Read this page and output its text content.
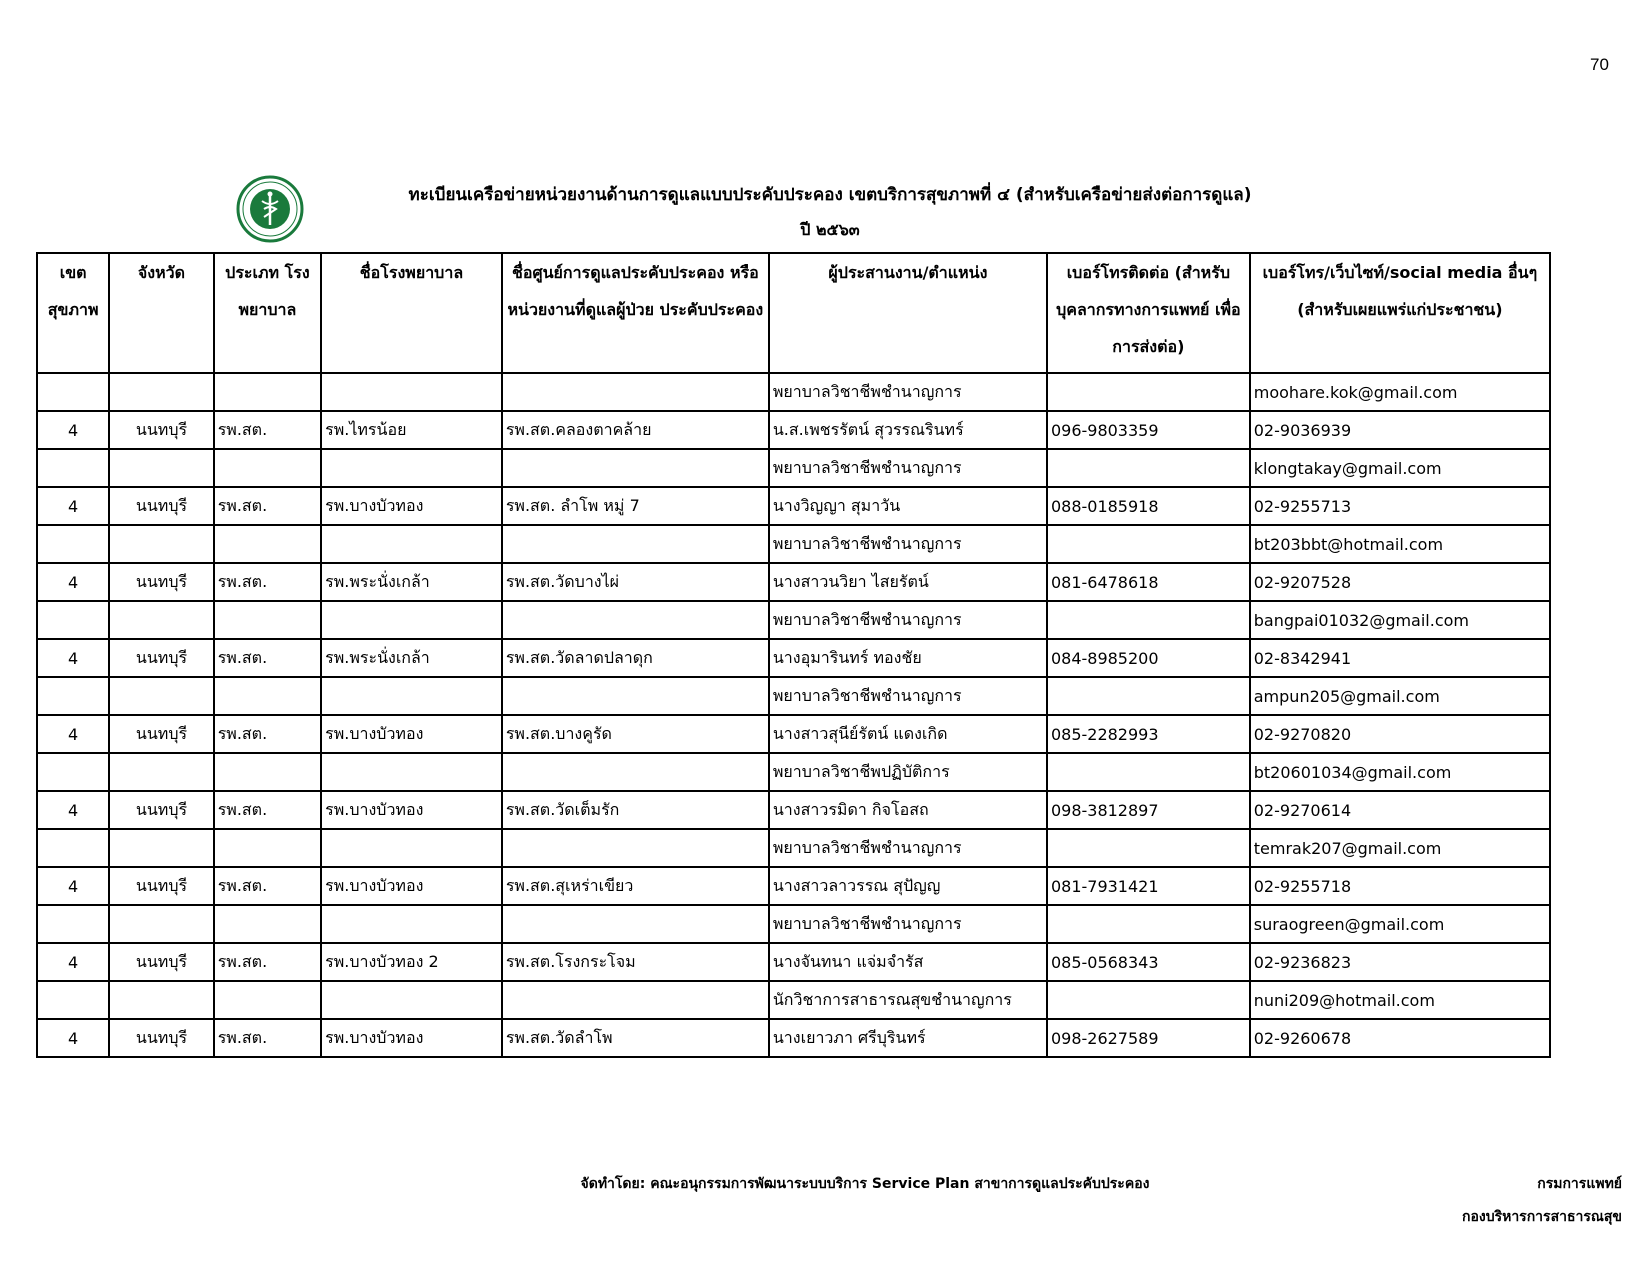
70
ทะเบียนเครือข่ายหน่วยงานด้านการดูแลแบบประคับประคอง เขตบริการสุขภาพที่ ๔ (สำหรับเครือข่ายส่งต่อการดูแล)
ปี ๒๕๖๓
เขต สุขภาพ	จังหวัด	ประเภท โรงพยาบาล	ชื่อโรงพยาบาล	ชื่อศูนย์การดูแลประคับประคอง หรือ หน่วยงานที่ดูแลผู้ป่วย ประคับประคอง	ผู้ประสานงาน/ตำแหน่ง	เบอร์โทรติดต่อ (สำหรับ บุคลากรทางการแพทย์ เพื่อการส่งต่อ)	เบอร์โทร/เว็บไซท์/social media อื่นๆ (สำหรับเผยแพร่แก่ประชาชน)
					พยาบาลวิชาชีพชำนาญการ		moohare.kok@gmail.com
4	นนทบุรี	รพ.สต.	รพ.ไทรน้อย	รพ.สต.คลองตาคล้าย	น.ส.เพชรรัตน์ สุวรรณรินทร์	096-9803359	02-9036939
					พยาบาลวิชาชีพชำนาญการ		klongtakay@gmail.com
4	นนทบุรี	รพ.สต.	รพ.บางบัวทอง	รพ.สต. ลำโพ หมู่ 7	นางวิญญา สุมาวัน	088-0185918	02-9255713
					พยาบาลวิชาชีพชำนาญการ		bt203bbt@hotmail.com
4	นนทบุรี	รพ.สต.	รพ.พระนั่งเกล้า	รพ.สต.วัดบางไผ่	นางสาวนวิยา ไสยรัตน์	081-6478618	02-9207528
					พยาบาลวิชาชีพชำนาญการ		bangpai01032@gmail.com
4	นนทบุรี	รพ.สต.	รพ.พระนั่งเกล้า	รพ.สต.วัดลาดปลาดุก	นางอุมารินทร์ ทองชัย	084-8985200	02-8342941
					พยาบาลวิชาชีพชำนาญการ		ampun205@gmail.com
4	นนทบุรี	รพ.สต.	รพ.บางบัวทอง	รพ.สต.บางคูรัด	นางสาวสุนีย์รัตน์ แดงเกิด	085-2282993	02-9270820
					พยาบาลวิชาชีพปฏิบัติการ		bt20601034@gmail.com
4	นนทบุรี	รพ.สต.	รพ.บางบัวทอง	รพ.สต.วัดเต็มรัก	นางสาวรมิดา กิจโอสถ	098-3812897	02-9270614
					พยาบาลวิชาชีพชำนาญการ		temrak207@gmail.com
4	นนทบุรี	รพ.สต.	รพ.บางบัวทอง	รพ.สต.สุเหร่าเขียว	นางสาวลาวรรณ สุปัญญ	081-7931421	02-9255718
					พยาบาลวิชาชีพชำนาญการ		suraogreen@gmail.com
4	นนทบุรี	รพ.สต.	รพ.บางบัวทอง 2	รพ.สต.โรงกระโจม	นางจันทนา แจ่มจำรัส	085-0568343	02-9236823
					นักวิชาการสาธารณสุขชำนาญการ		nuni209@hotmail.com
4	นนทบุรี	รพ.สต.	รพ.บางบัวทอง	รพ.สต.วัดลำโพ	นางเยาวภา ศรีบุรินทร์	098-2627589	02-9260678
จัดทำโดย: คณะอนุกรรมการพัฒนาระบบบริการ Service Plan สาขาการดูแลประคับประคอง	กรมการแพทย์
กองบริหารการสาธารณสุข
